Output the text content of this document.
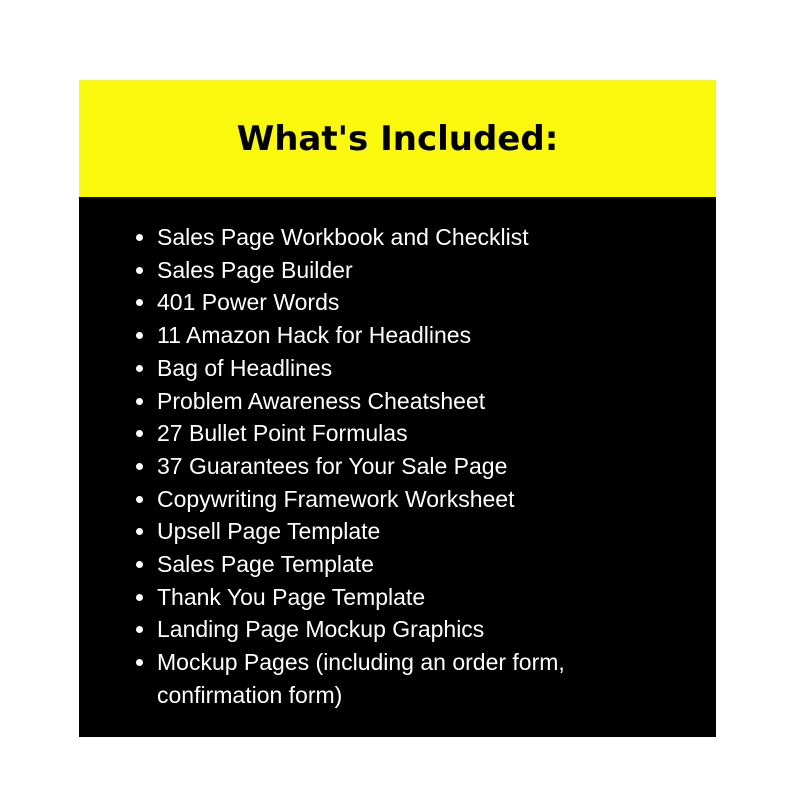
What's Included:
Sales Page Workbook and Checklist
Sales Page Builder
401 Power Words
11 Amazon Hack for Headlines
Bag of Headlines
Problem Awareness Cheatsheet
27 Bullet Point Formulas
37 Guarantees for Your Sale Page
Copywriting Framework Worksheet
Upsell Page Template
Sales Page Template
Thank You Page Template
Landing Page Mockup Graphics
Mockup Pages (including an order form, confirmation form)
